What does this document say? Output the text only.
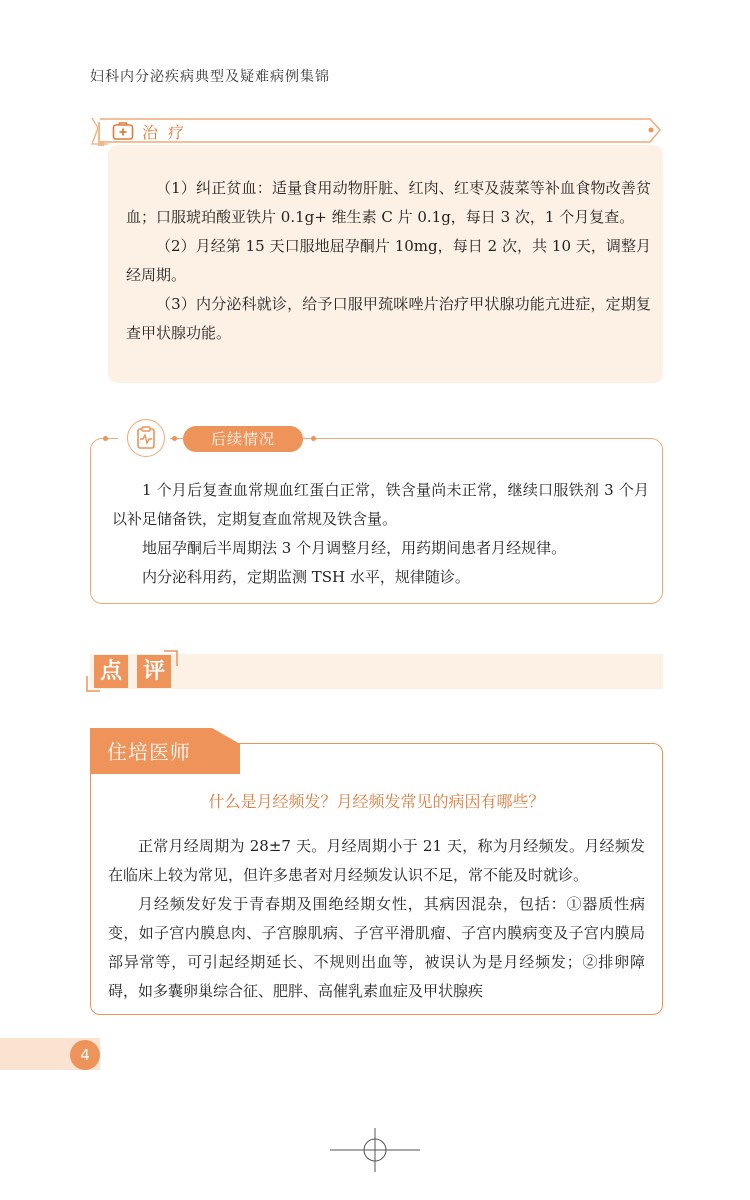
妇科内分泌疾病典型及疑难病例集锦
治疗

（1）纠正贫血：适量食用动物肝脏、红肉、红枣及菠菜等补血食物改善贫血；口服琥珀酸亚铁片 0.1g+ 维生素 C 片 0.1g，每日 3 次，1 个月复查。

（2）月经第 15 天口服地屈孕酮片 10mg，每日 2 次，共 10 天，调整月经周期。

（3）内分泌科就诊，给予口服甲巯咪唑片治疗甲状腺功能亢进症，定期复查甲状腺功能。

后续情况

1 个月后复查血常规血红蛋白正常，铁含量尚未正常，继续口服铁剂 3 个月以补足储备铁，定期复查血常规及铁含量。

地屈孕酮后半周期法 3 个月调整月经，用药期间患者月经规律。

内分泌科用药，定期监测 TSH 水平，规律随诊。

点 评
住培医师
什么是月经频发？月经频发常见的病因有哪些？

正常月经周期为 28±7 天。月经周期小于 21 天，称为月经频发。月经频发在临床上较为常见，但许多患者对月经频发认识不足，常不能及时就诊。

月经频发好发于青春期及围绝经期女性，其病因混杂，包括：①器质性病变，如子宫内膜息肉、子宫腺肌病、子宫平滑肌瘤、子宫内膜病变及子宫内膜局部异常等，可引起经期延长、不规则出血等，被误认为是月经频发；②排卵障碍，如多囊卵巢综合征、肥胖、高催乳素血症及甲状腺疾

4
